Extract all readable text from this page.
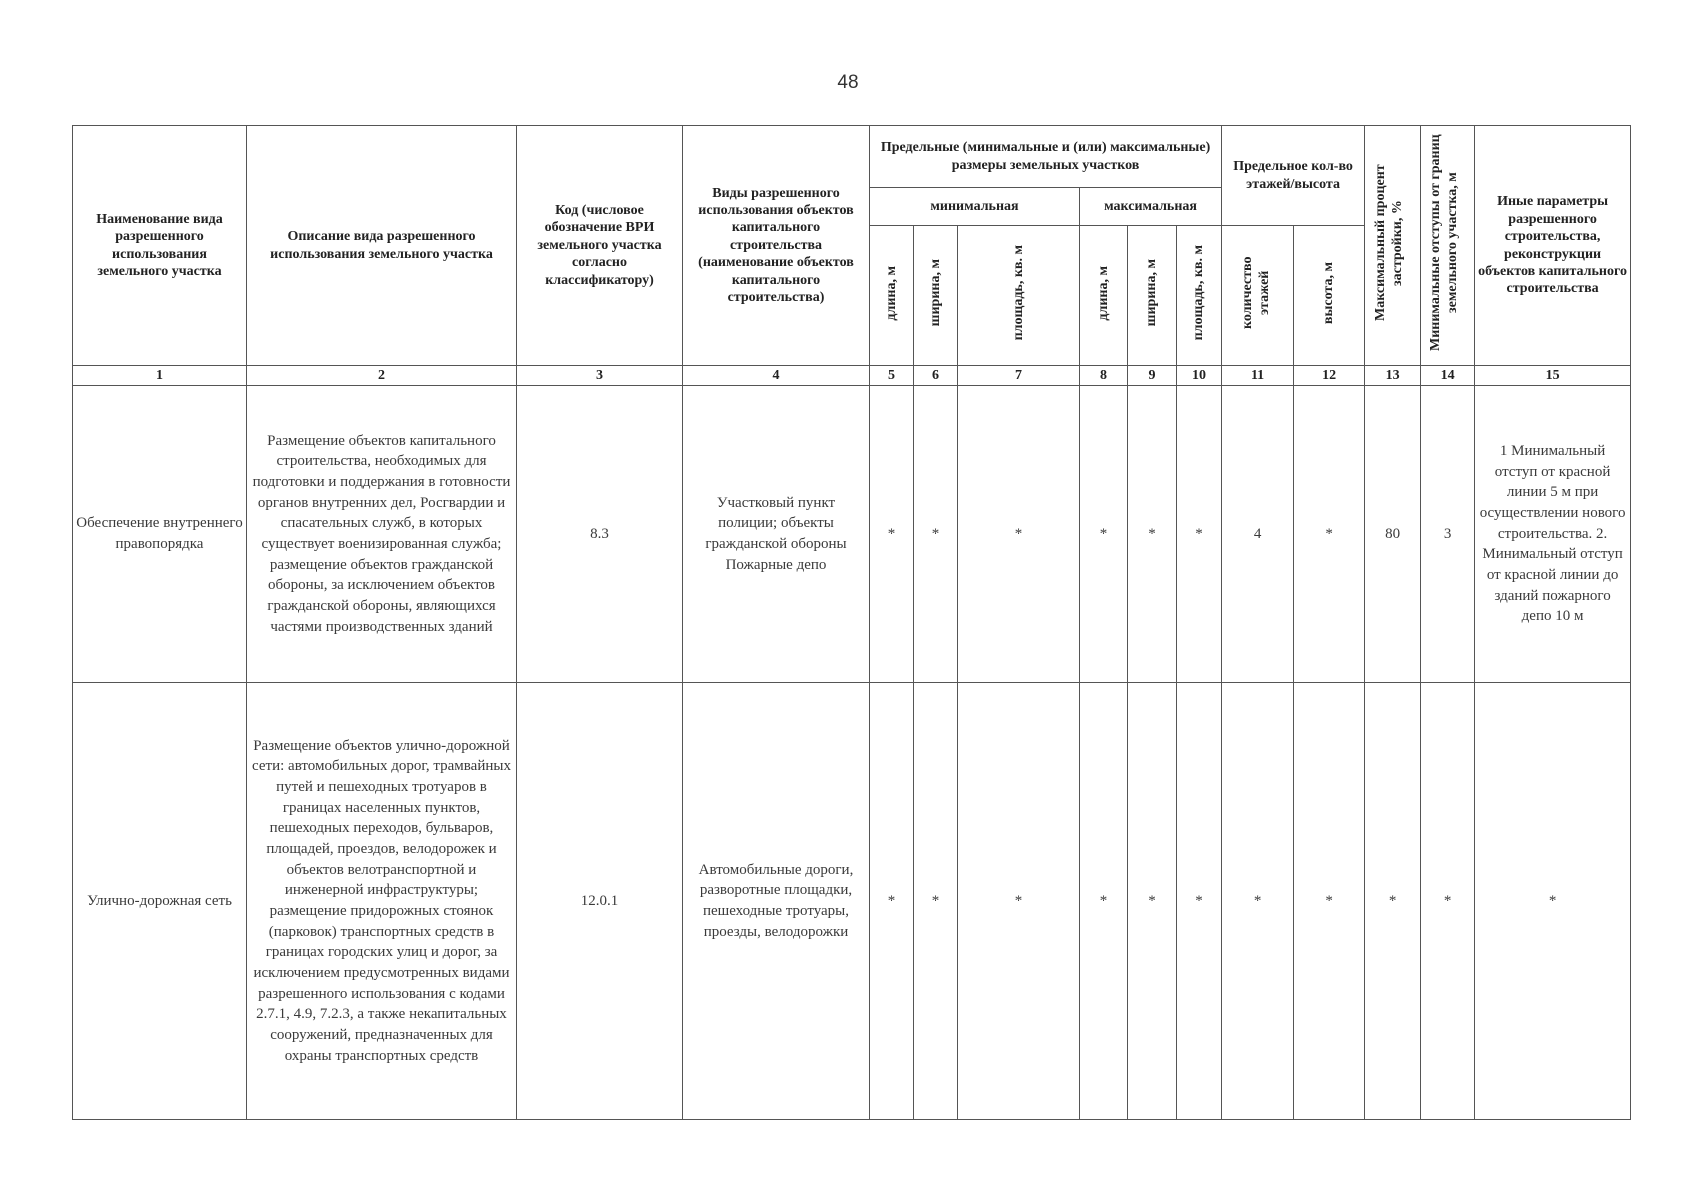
48
Наименование вида разрешенного использования земельного участка	Описание вида разрешенного использования земельного участка	Код (числовое обозначение ВРИ земельного участка согласно классификатору)	Виды разрешенного использования объектов капитального строительства (наименование объектов капитального строительства)	Предельные (минимальные и (или) максимальные) размеры земельных участков						Предельное кол-во этажей/высота		Максимальный процент застройки, %	Минимальные отступы от границ земельного участка, м	Иные параметры разрешенного строительства, реконструкции объектов капитального строительства
				минимальная			максимальная							
				длина, м	ширина, м	площадь, кв. м	длина, м	ширина, м	площадь, кв. м	количество этажей	высота, м			
1	2	3	4	5	6	7	8	9	10	11	12	13	14	15
Обеспечение внутреннего правопорядка	Размещение объектов капитального строительства, необходимых для подготовки и поддержания в готовности органов внутренних дел, Росгвардии и спасательных служб, в которых существует военизированная служба; размещение объектов гражданской обороны, за исключением объектов гражданской обороны, являющихся частями производственных зданий	8.3	Участковый пункт полиции; объекты гражданской обороны Пожарные депо	*	*	*	*	*	*	4	*	80	3	1 Минимальный отступ от красной линии 5 м при осуществлении нового строительства. 2. Минимальный отступ от красной линии до зданий пожарного депо 10 м
Улично-дорожная сеть	Размещение объектов улично-дорожной сети: автомобильных дорог, трамвайных путей и пешеходных тротуаров в границах населенных пунктов, пешеходных переходов, бульваров, площадей, проездов, велодорожек и объектов велотранспортной и инженерной инфраструктуры; размещение придорожных стоянок (парковок) транспортных средств в границах городских улиц и дорог, за исключением предусмотренных видами разрешенного использования с кодами 2.7.1, 4.9, 7.2.3, а также некапитальных сооружений, предназначенных для охраны транспортных средств	12.0.1	Автомобильные дороги, разворотные площадки, пешеходные тротуары, проезды, велодорожки	*	*	*	*	*	*	*	*	*	*	*
